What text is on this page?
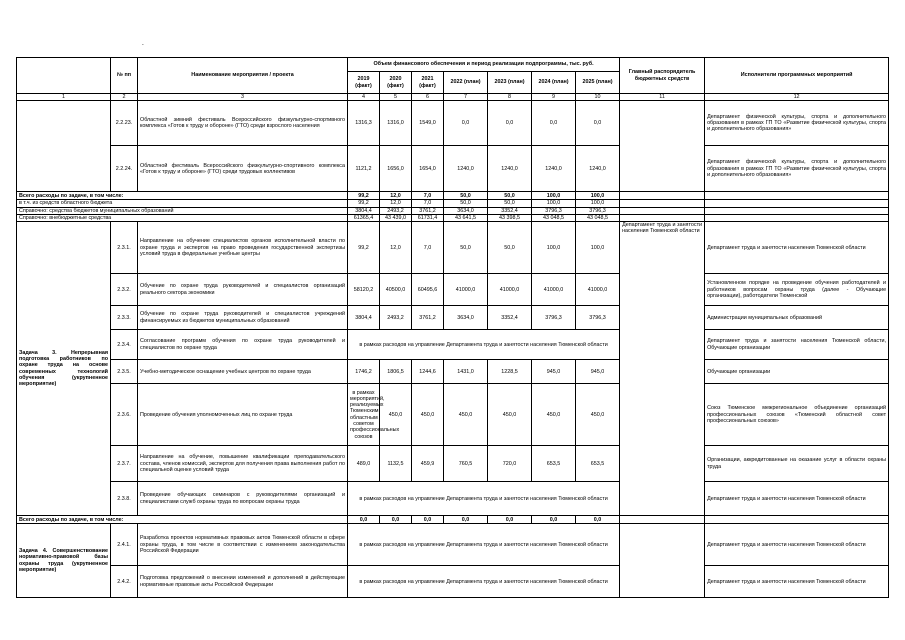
-
	№ пп	Наименование мероприятия / проекта	Объем финансового обеспечения и период реализации подпрограммы, тыс. руб.							Главный распорядитель бюджетных средств	Исполнители программных мероприятий
			2019 (факт)	2020 (факт)	2021 (факт)	2022 (план)	2023 (план)	2024 (план)	2025 (план)		
1	2	3	4	5	6	7	8	9	10	11	12
	2.2.23.	Областной зимний фестиваль Всероссийского физкультурно-спортивного комплекса «Готов к труду и обороне» (ГТО) среди взрослого населения	1316,3	1316,0	1549,0	0,0	0,0	0,0	0,0		Департамент физической культуры, спорта и дополнительного образования в рамках ГП ТО «Развитие физической культуры, спорта и дополнительного образования»
	2.2.24.	Областной фестиваль Всероссийского физкультурно-спортивного комплекса «Готов к труду и обороне» (ГТО) среди трудовых коллективов	1121,2	1656,0	1654,0	1240,0	1240,0	1240,0	1240,0		Департамент физической культуры, спорта и дополнительного образования в рамках ГП ТО «Развитие физической культуры, спорта и дополнительного образования»
Всего расходы по задаче, в том числе:			99,2	12,0	7,0	50,0	50,0	100,0	100,0		
в т.ч. из средств областного бюджета			99,2	12,0	7,0	50,0	50,0	100,0	100,0		
Справочно: средства бюджетов муниципальных образований			3804,4	2493,2	3761,2	3634,0	3352,4	3796,3	3796,3		
Справочно: внебюджетные средства			61365,4	43 439,0	61731,4	43 641,5	43 398,5	43 048,5	43 048,5		
Задача 3. Непрерывная подготовка работников по охране труда на основе современных технологий обучения (укрупненное мероприятие)	2.3.1.	Направление на обучение специалистов органов исполнительной власти по охране труда и экспертов на право проведения государственной экспертизы условий труда в федеральные учебные центры	99,2	12,0	7,0	50,0	50,0	100,0	100,0	Департамент труда и занятости населения Тюменской области	Департамент труда и занятости населения Тюменской области
	2.3.2.	Обучение по охране труда руководителей и специалистов организаций реального сектора экономики	58120,2	40500,0	60495,6	41000,0	41000,0	41000,0	41000,0		Установленном порядке на проведение обучения работодателей и работников вопросам охраны труда (далее - Обучающие организации), работодатели Тюменской
	2.3.3.	Обучение по охране труда руководителей и специалистов учреждений финансируемых из бюджетов муниципальных образований	3804,4	2493,2	3761,2	3634,0	3352,4	3796,3	3796,3		Администрации муниципальных образований
	2.3.4.	Согласование программ обучения по охране труда руководителей и специалистов по охране труда	в рамках расходов на управление Департамента труда и занятости населения Тюменской области								Департамент труда и занятости населения Тюменской области, Обучающие организации
	2.3.5.	Учебно-методическое оснащение учебных центров по охране труда	1746,2	1806,5	1244,6	1431,0	1228,5	945,0	945,0		Обучающие организации
	2.3.6.	Проведение обучения уполномоченных лиц по охране труда	в рамках мероприятий, реализуемых Тюменским областным советом профессиональных союзов	450,0	450,0	450,0	450,0	450,0	450,0		Союз Тюменское межрегиональное объединение организаций профессиональных союзов «Тюменский областной совет профессиональных союзов»
	2.3.7.	Направление на обучение, повышение квалификации преподавательского состава, членов комиссий, экспертов для получения права выполнения работ по специальной оценке условий труда	489,0	1132,5	459,9	760,5	720,0	653,5	653,5		Организации, аккредитованные на оказание услуг в области охраны труда
	2.3.8.	Проведение обучающих семинаров с руководителями организаций и специалистами служб охраны труда по вопросам охраны труда	в рамках расходов на управление Департамента труда и занятости населения Тюменской области								Департамент труда и занятости населения Тюменской области
Всего расходы по задаче, в том числе:			0,0	0,0	0,0	0,0	0,0	0,0	0,0		
Задача 4. Совершенствование нормативно-правовой базы охраны труда (укрупненное мероприятие)	2.4.1.	Разработка проектов нормативных правовых актов Тюменской области в сфере охраны труда, в том числе в соответствии с изменением законодательства Российской Федерации	в рамках расходов на управление Департамента труда и занятости населения Тюменской области								Департамент труда и занятости населения Тюменской области
	2.4.2.	Подготовка предложений о внесении изменений и дополнений в действующие нормативные правовые акты Российской Федерации	в рамках расходов на управление Департамента труда и занятости населения Тюменской области								Департамент труда и занятости населения Тюменской области
